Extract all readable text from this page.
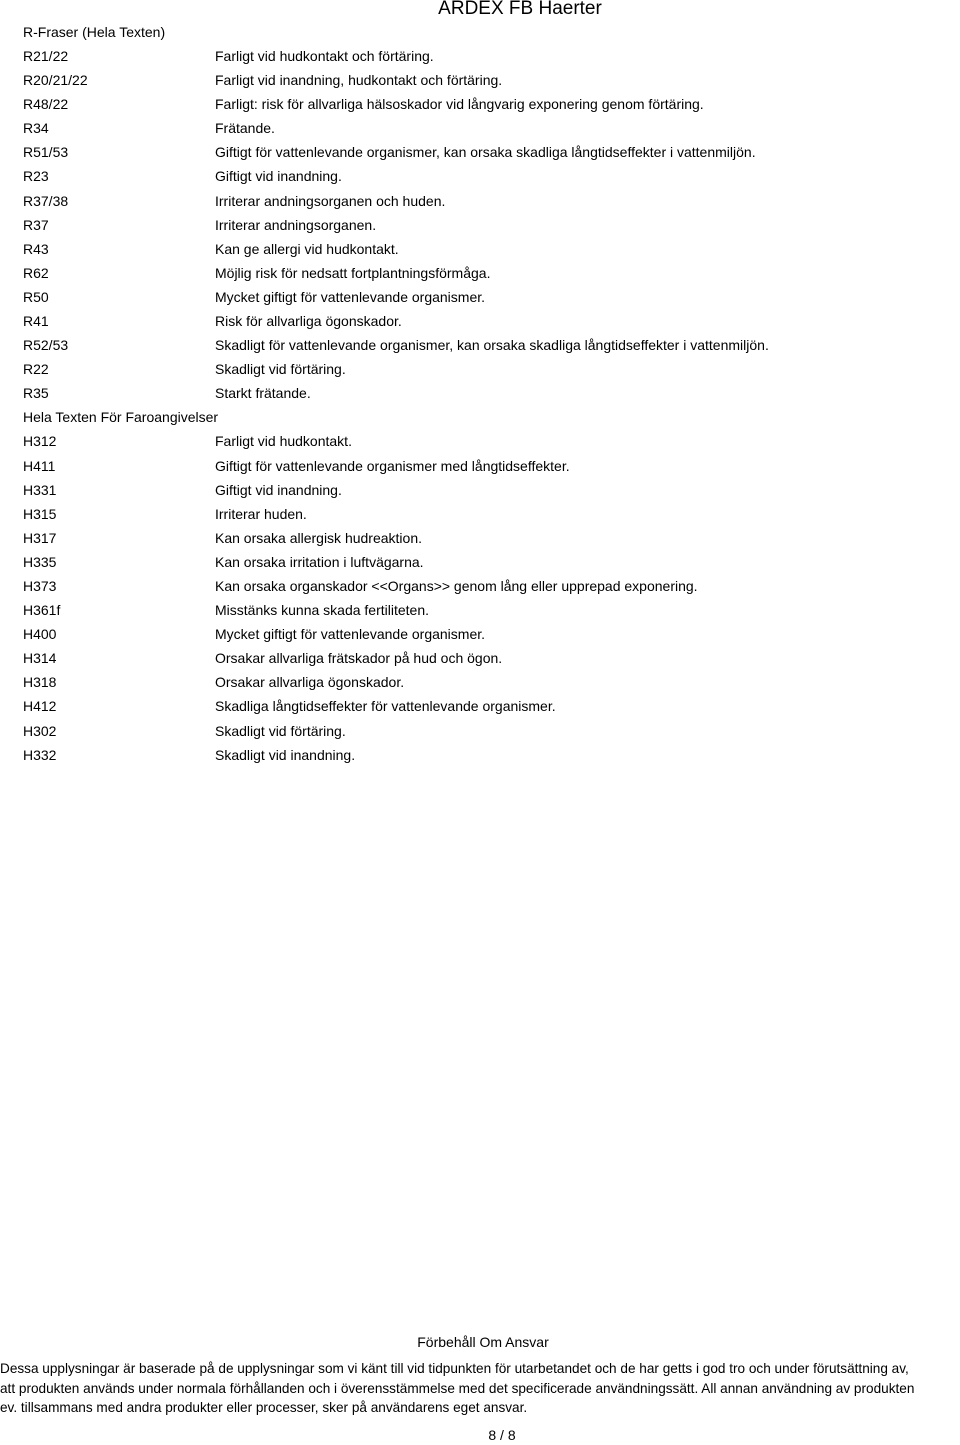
ARDEX FB Haerter
R-Fraser (Hela Texten)
R21/22	Farligt vid hudkontakt och förtäring.
R20/21/22	Farligt vid inandning, hudkontakt och förtäring.
R48/22	Farligt: risk för allvarliga hälsoskador vid långvarig exponering genom förtäring.
R34	Frätande.
R51/53	Giftigt för vattenlevande organismer, kan orsaka skadliga långtidseffekter i vattenmiljön.
R23	Giftigt vid inandning.
R37/38	Irriterar andningsorganen och huden.
R37	Irriterar andningsorganen.
R43	Kan ge allergi vid hudkontakt.
R62	Möjlig risk för nedsatt fortplantningsförmåga.
R50	Mycket giftigt för vattenlevande organismer.
R41	Risk för allvarliga ögonskador.
R52/53	Skadligt för vattenlevande organismer, kan orsaka skadliga långtidseffekter i vattenmiljön.
R22	Skadligt vid förtäring.
R35	Starkt frätande.
Hela Texten För Faroangivelser
H312	Farligt vid hudkontakt.
H411	Giftigt för vattenlevande organismer med långtidseffekter.
H331	Giftigt vid inandning.
H315	Irriterar huden.
H317	Kan orsaka allergisk hudreaktion.
H335	Kan orsaka irritation i luftvägarna.
H373	Kan orsaka organskador <<Organs>> genom lång eller upprepad exponering.
H361f	Misstänks kunna skada fertiliteten.
H400	Mycket giftigt för vattenlevande organismer.
H314	Orsakar allvarliga frätskador på hud och ögon.
H318	Orsakar allvarliga ögonskador.
H412	Skadliga långtidseffekter för vattenlevande organismer.
H302	Skadligt vid förtäring.
H332	Skadligt vid inandning.
Förbehåll Om Ansvar
Dessa upplysningar är baserade på de upplysningar som vi känt till vid tidpunkten för utarbetandet och de har getts i god tro och under förutsättning av,
att produkten används under normala förhållanden och i överensstämmelse med det specificerade användningssätt. All annan användning av produkten
ev. tillsammans med andra produkter eller processer, sker på användarens eget ansvar.
8 / 8
